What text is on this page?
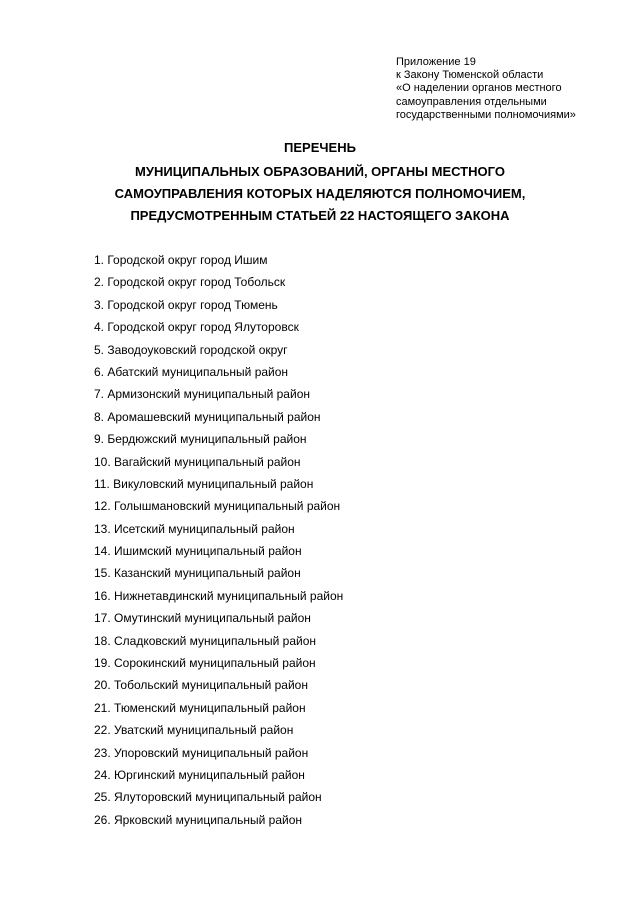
Приложение 19
к Закону Тюменской области
«О наделении органов местного
самоуправления отдельными
государственными полномочиями»
ПЕРЕЧЕНЬ
МУНИЦИПАЛЬНЫХ ОБРАЗОВАНИЙ, ОРГАНЫ МЕСТНОГО
САМОУПРАВЛЕНИЯ КОТОРЫХ НАДЕЛЯЮТСЯ ПОЛНОМОЧИЕМ,
ПРЕДУСМОТРЕННЫМ СТАТЬЕЙ 22 НАСТОЯЩЕГО ЗАКОНА
1. Городской округ город Ишим
2. Городской округ город Тобольск
3. Городской округ город Тюмень
4. Городской округ город Ялуторовск
5. Заводоуковский городской округ
6. Абатский муниципальный район
7. Армизонский муниципальный район
8. Аромашевский муниципальный район
9. Бердюжский муниципальный район
10. Вагайский муниципальный район
11. Викуловский муниципальный район
12. Голышмановский муниципальный район
13. Исетский муниципальный район
14. Ишимский муниципальный район
15. Казанский муниципальный район
16. Нижнетавдинский муниципальный район
17. Омутинский муниципальный район
18. Сладковский муниципальный район
19. Сорокинский муниципальный район
20. Тобольский муниципальный район
21. Тюменский муниципальный район
22. Уватский муниципальный район
23. Упоровский муниципальный район
24. Юргинский муниципальный район
25. Ялуторовский муниципальный район
26. Ярковский муниципальный район
